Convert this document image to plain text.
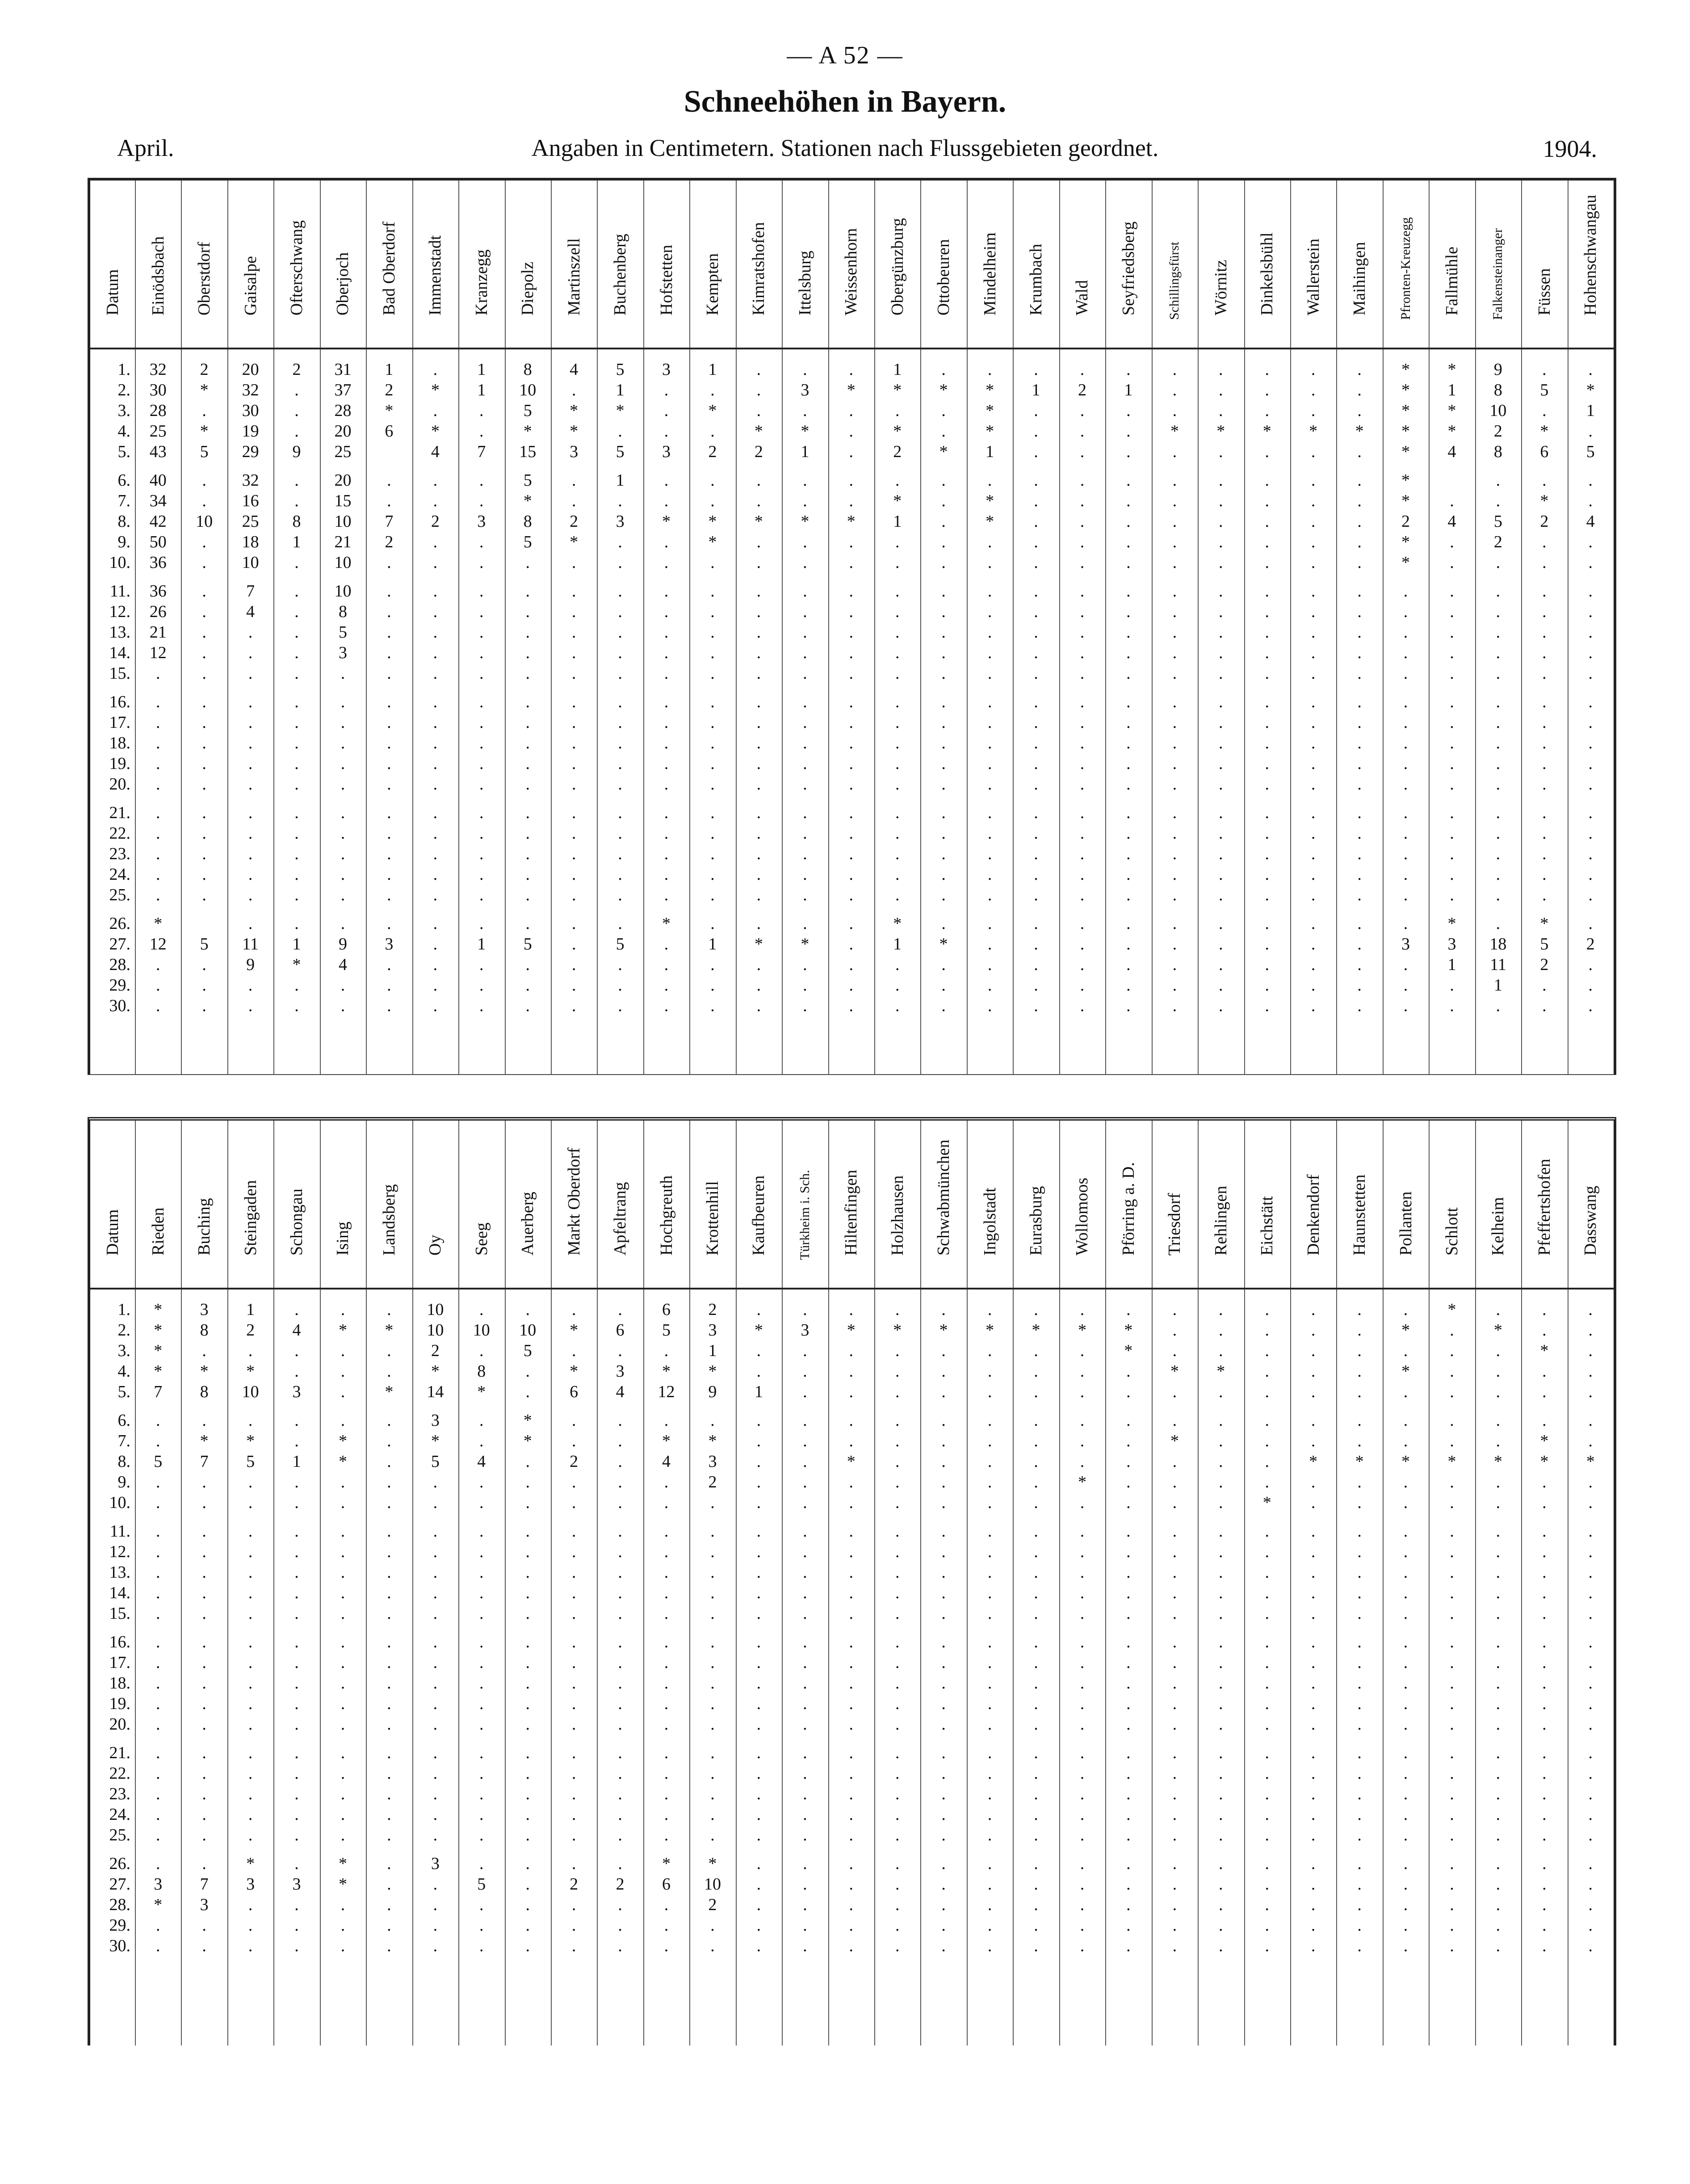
— A 52 —
Schneehöhen in Bayern.
April.	Angaben in Centimetern. Stationen nach Flussgebieten geordnet.	1904.
Datum
1.
2.
3.
4.
5.
6.
7.
8.
9.
10.
11.
12.
13.
14.
15.
16.
17.
18.
19.
20.
21.
22.
23.
24.
25.
26.
27.
28.
29.
30.
Einödsbach
32
30
28
25
43
40
34
42
50
36
36
26
21
12
.
.
.
.
.
.
.
.
.
.
.
*
12
.
.
.
Oberstdorf
2
*
.
*
5
.
.
10
.
.
.
.
.
.
.
.
.
.
.
.
.
.
.
.
.
5
.
.
.
Gaisalpe
20
32
30
19
29
32
16
25
18
10
7
4
.
.
.
.
.
.
.
.
.
.
.
.
.
.
11
9
.
.
Ofterschwang
2
.
.
.
9
.
.
8
1
.
.
.
.
.
.
.
.
.
.
.
.
.
.
.
.
.
1
*
.
.
Oberjoch
31
37
28
20
25
20
15
10
21
10
10
8
5
3
.
.
.
.
.
.
.
.
.
.
.
.
9
4
.
.
Bad Oberdorf
1
2
*
6
.
.
7
2
.
.
.
.
.
.
.
.
.
.
.
.
.
.
.
.
.
3
.
.
.
Immenstadt
.
*
.
*
4
.
.
2
.
.
.
.
.
.
.
.
.
.
.
.
.
.
.
.
.
.
.
.
.
.
Kranzegg
1
1
.
.
7
.
.
3
.
.
.
.
.
.
.
.
.
.
.
.
.
.
.
.
.
.
1
.
.
.
Diepolz
8
10
5
*
15
5
*
8
5
.
.
.
.
.
.
.
.
.
.
.
.
.
.
.
.
.
5
.
.
.
Martinszell
4
.
*
*
3
.
.
2
*
.
.
.
.
.
.
.
.
.
.
.
.
.
.
.
.
.
.
.
.
.
Buchenberg
5
1
*
.
5
1
.
3
.
.
.
.
.
.
.
.
.
.
.
.
.
.
.
.
.
.
5
.
.
.
Hofstetten
3
.
.
.
3
.
.
*
.
.
.
.
.
.
.
.
.
.
.
.
.
.
.
.
.
*
.
.
.
.
Kempten
1
.
*
.
2
.
.
*
*
.
.
.
.
.
.
.
.
.
.
.
.
.
.
.
.
.
1
.
.
.
Kimratshofen
.
.
.
*
2
.
.
*
.
.
.
.
.
.
.
.
.
.
.
.
.
.
.
.
.
.
*
.
.
.
Ittelsburg
.
3
.
*
1
.
.
*
.
.
.
.
.
.
.
.
.
.
.
.
.
.
.
.
.
.
*
.
.
.
Weissenhorn
.
*
.
.
.
.
.
*
.
.
.
.
.
.
.
.
.
.
.
.
.
.
.
.
.
.
.
.
.
.
Obergünzburg
1
*
.
*
2
.
*
1
.
.
.
.
.
.
.
.
.
.
.
.
.
.
.
.
.
*
1
.
.
.
Ottobeuren
.
*
.
.
*
.
.
.
.
.
.
.
.
.
.
.
.
.
.
.
.
.
.
.
.
.
*
.
.
.
Mindelheim
.
*
*
*
1
.
*
*
.
.
.
.
.
.
.
.
.
.
.
.
.
.
.
.
.
.
.
.
.
.
Krumbach
.
1
.
.
.
.
.
.
.
.
.
.
.
.
.
.
.
.
.
.
.
.
.
.
.
.
.
.
.
.
Wald
.
2
.
.
.
.
.
.
.
.
.
.
.
.
.
.
.
.
.
.
.
.
.
.
.
.
.
.
.
.
Seyfriedsberg
.
1
.
.
.
.
.
.
.
.
.
.
.
.
.
.
.
.
.
.
.
.
.
.
.
.
.
.
.
.
Schillingsfürst
.
.
.
*
.
.
.
.
.
.
.
.
.
.
.
.
.
.
.
.
.
.
.
.
.
.
.
.
.
.
Wörnitz
.
.
.
*
.
.
.
.
.
.
.
.
.
.
.
.
.
.
.
.
.
.
.
.
.
.
.
.
.
.
Dinkelsbühl
.
.
.
*
.
.
.
.
.
.
.
.
.
.
.
.
.
.
.
.
.
.
.
.
.
.
.
.
.
.
Wallerstein
.
.
.
*
.
.
.
.
.
.
.
.
.
.
.
.
.
.
.
.
.
.
.
.
.
.
.
.
.
.
Maihingen
.
.
.
*
.
.
.
.
.
.
.
.
.
.
.
.
.
.
.
.
.
.
.
.
.
.
.
.
.
.
Pfronten-Kreuzegg
*
*
*
*
*
*
*
2
*
*
.
.
.
.
.
.
.
.
.
.
.
.
.
.
.
.
3
.
.
.
Fallmühle
*
1
*
*
4
.
4
.
.
.
.
.
.
.
.
.
.
.
.
.
.
.
.
.
*
3
1
.
.
Falkensteinanger
9
8
10
2
8
.
.
5
2
.
.
.
.
.
.
.
.
.
.
.
.
.
.
.
.
.
18
11
1
.
Füssen
.
5
.
*
6
.
*
2
.
.
.
.
.
.
.
.
.
.
.
.
.
.
.
.
.
*
5
2
.
.
Hohenschwangau
.
*
1
.
5
.
.
4
.
.
.
.
.
.
.
.
.
.
.
.
.
.
.
.
.
.
2
.
.
.
Datum
1.
2.
3.
4.
5.
6.
7.
8.
9.
10.
11.
12.
13.
14.
15.
16.
17.
18.
19.
20.
21.
22.
23.
24.
25.
26.
27.
28.
29.
30.
Rieden
*
*
*
*
7
.
.
5
.
.
.
.
.
.
.
.
.
.
.
.
.
.
.
.
.
.
3
*
.
.
Buching
3
8
.
*
8
.
*
7
.
.
.
.
.
.
.
.
.
.
.
.
.
.
.
.
.
.
7
3
.
.
Steingaden
1
2
.
*
10
.
*
5
.
.
.
.
.
.
.
.
.
.
.
.
.
.
.
.
.
*
3
.
.
.
Schongau
.
4
.
.
3
.
.
1
.
.
.
.
.
.
.
.
.
.
.
.
.
.
.
.
.
.
3
.
.
.
Ising
.
*
.
.
.
.
*
*
.
.
.
.
.
.
.
.
.
.
.
.
.
.
.
.
.
*
*
.
.
.
Landsberg
.
*
.
.
*
.
.
.
.
.
.
.
.
.
.
.
.
.
.
.
.
.
.
.
.
.
.
.
.
.
Oy
10
10
2
*
14
3
*
5
.
.
.
.
.
.
.
.
.
.
.
.
.
.
.
.
.
3
.
.
.
.
Seeg
.
10
.
8
*
.
.
4
.
.
.
.
.
.
.
.
.
.
.
.
.
.
.
.
.
.
5
.
.
.
Auerberg
.
10
5
.
.
*
*
.
.
.
.
.
.
.
.
.
.
.
.
.
.
.
.
.
.
.
.
.
.
.
Markt Oberdorf
.
*
.
*
6
.
.
2
.
.
.
.
.
.
.
.
.
.
.
.
.
.
.
.
.
.
2
.
.
.
Apfeltrang
.
6
.
3
4
.
.
.
.
.
.
.
.
.
.
.
.
.
.
.
.
.
.
.
.
.
2
.
.
.
Hochgreuth
6
5
.
*
12
.
*
4
.
.
.
.
.
.
.
.
.
.
.
.
.
.
.
.
.
*
6
.
.
.
Krottenhill
2
3
1
*
9
.
*
3
2
.
.
.
.
.
.
.
.
.
.
.
.
.
.
.
.
*
10
2
.
.
Kaufbeuren
.
*
.
.
1
.
.
.
.
.
.
.
.
.
.
.
.
.
.
.
.
.
.
.
.
.
.
.
.
.
Türkheim i. Sch.
.
3
.
.
.
.
.
.
.
.
.
.
.
.
.
.
.
.
.
.
.
.
.
.
.
.
.
.
.
.
Hiltenfingen
.
*
.
.
.
.
.
*
.
.
.
.
.
.
.
.
.
.
.
.
.
.
.
.
.
.
.
.
.
.
Holzhausen
.
*
.
.
.
.
.
.
.
.
.
.
.
.
.
.
.
.
.
.
.
.
.
.
.
.
.
.
.
.
Schwabmünchen
.
*
.
.
.
.
.
.
.
.
.
.
.
.
.
.
.
.
.
.
.
.
.
.
.
.
.
.
.
.
Ingolstadt
.
*
.
.
.
.
.
.
.
.
.
.
.
.
.
.
.
.
.
.
.
.
.
.
.
.
.
.
.
.
Eurasburg
.
*
.
.
.
.
.
.
.
.
.
.
.
.
.
.
.
.
.
.
.
.
.
.
.
.
.
.
.
.
Wollomoos
.
*
.
.
.
.
.
.
*
.
.
.
.
.
.
.
.
.
.
.
.
.
.
.
.
.
.
.
.
.
Pförring a. D.
.
*
*
.
.
.
.
.
.
.
.
.
.
.
.
.
.
.
.
.
.
.
.
.
.
.
.
.
.
.
Triesdorf
.
.
.
*
.
.
*
.
.
.
.
.
.
.
.
.
.
.
.
.
.
.
.
.
.
.
.
.
.
.
Rehlingen
.
.
.
*
.
.
.
.
.
.
.
.
.
.
.
.
.
.
.
.
.
.
.
.
.
.
.
.
.
.
Eichstätt
.
.
.
.
.
.
.
.
.
*
.
.
.
.
.
.
.
.
.
.
.
.
.
.
.
.
.
.
.
.
Denkendorf
.
.
.
.
.
.
.
*
.
.
.
.
.
.
.
.
.
.
.
.
.
.
.
.
.
.
.
.
.
.
Haunstetten
.
.
.
.
.
.
.
*
.
.
.
.
.
.
.
.
.
.
.
.
.
.
.
.
.
.
.
.
.
.
Pollanten
.
*
.
*
.
.
.
*
.
.
.
.
.
.
.
.
.
.
.
.
.
.
.
.
.
.
.
.
.
.
Schlott
*
.
.
.
.
.
.
*
.
.
.
.
.
.
.
.
.
.
.
.
.
.
.
.
.
.
.
.
.
.
Kelheim
.
*
.
.
.
.
.
*
.
.
.
.
.
.
.
.
.
.
.
.
.
.
.
.
.
.
.
.
.
.
Pfeffertshofen
.
.
*
.
.
.
*
*
.
.
.
.
.
.
.
.
.
.
.
.
.
.
.
.
.
.
.
.
.
.
Dasswang
.
.
.
.
.
.
.
*
.
.
.
.
.
.
.
.
.
.
.
.
.
.
.
.
.
.
.
.
.
.
